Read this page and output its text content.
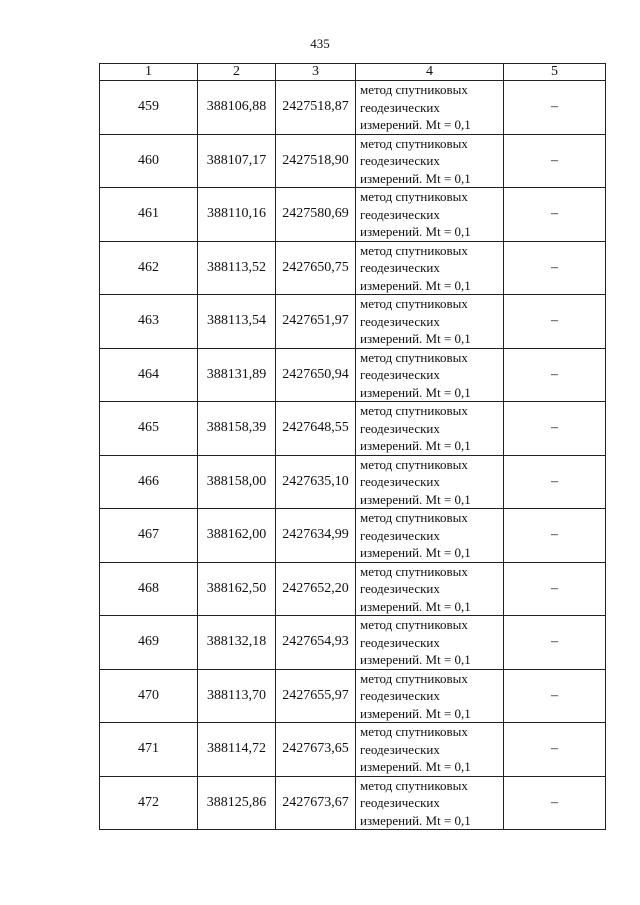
435
1	2	3	4	5
459	388106,88	2427518,87	метод спутниковых геодезических измерений. Mt = 0,1	–
460	388107,17	2427518,90	метод спутниковых геодезических измерений. Mt = 0,1	–
461	388110,16	2427580,69	метод спутниковых геодезических измерений. Mt = 0,1	–
462	388113,52	2427650,75	метод спутниковых геодезических измерений. Mt = 0,1	–
463	388113,54	2427651,97	метод спутниковых геодезических измерений. Mt = 0,1	–
464	388131,89	2427650,94	метод спутниковых геодезических измерений. Mt = 0,1	–
465	388158,39	2427648,55	метод спутниковых геодезических измерений. Mt = 0,1	–
466	388158,00	2427635,10	метод спутниковых геодезических измерений. Mt = 0,1	–
467	388162,00	2427634,99	метод спутниковых геодезических измерений. Mt = 0,1	–
468	388162,50	2427652,20	метод спутниковых геодезических измерений. Mt = 0,1	–
469	388132,18	2427654,93	метод спутниковых геодезических измерений. Mt = 0,1	–
470	388113,70	2427655,97	метод спутниковых геодезических измерений. Mt = 0,1	–
471	388114,72	2427673,65	метод спутниковых геодезических измерений. Mt = 0,1	–
472	388125,86	2427673,67	метод спутниковых геодезических измерений. Mt = 0,1	–
